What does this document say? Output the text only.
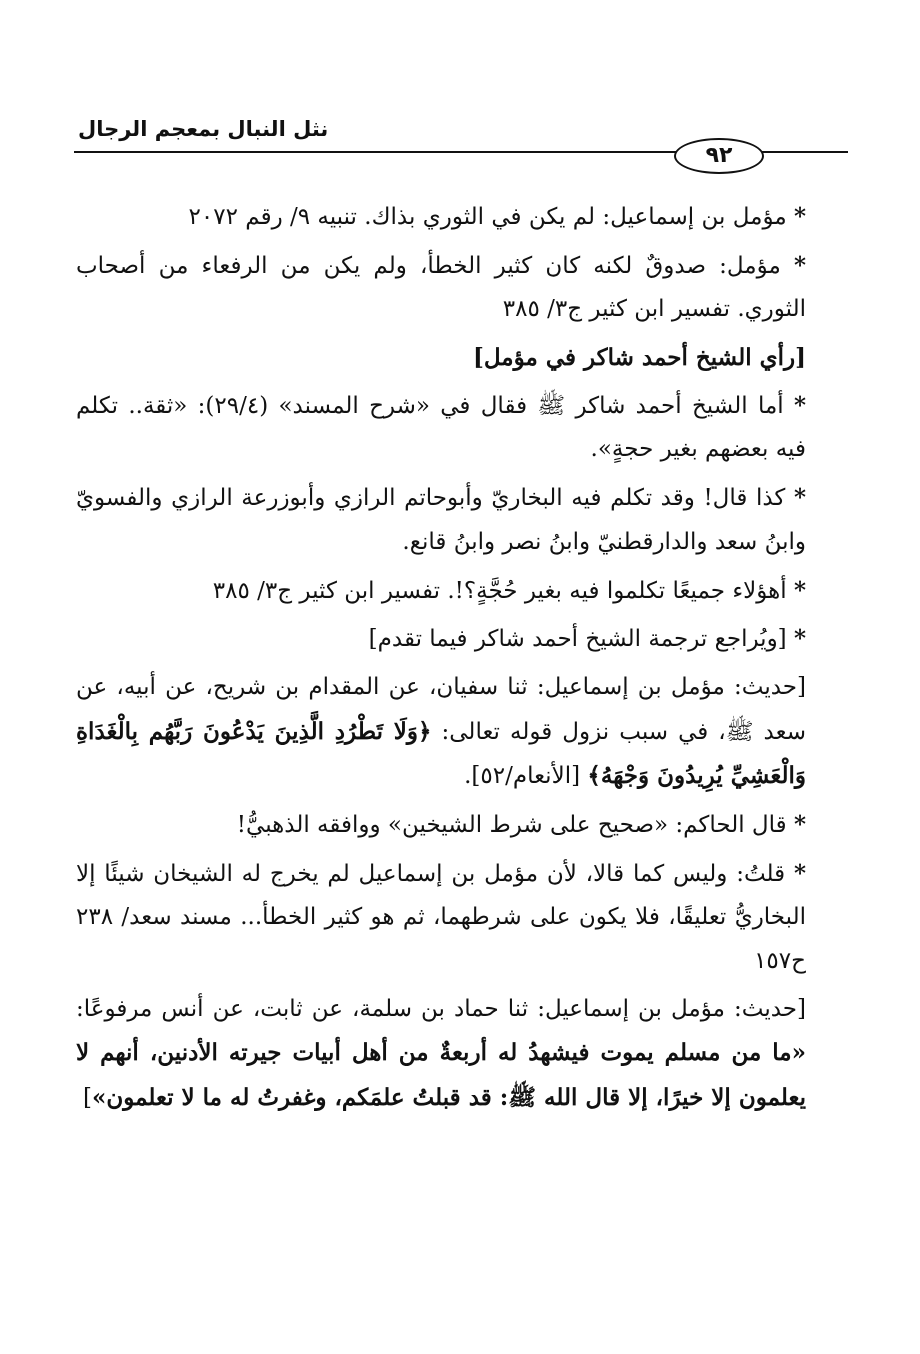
نثل النبال بمعجم الرجال
٩٢

* مؤمل بن إسماعيل: لم يكن في الثوري بذاك. تنبيه ٩/ رقم ٢٠٧٢

* مؤمل: صدوقٌ لكنه كان كثير الخطأ، ولم يكن من الرفعاء من أصحاب الثوري. تفسير ابن كثير ج٣/ ٣٨٥

[رأي الشيخ أحمد شاكر في مؤمل]

* أما الشيخ أحمد شاكر ﷺ فقال في «شرح المسند» (٢٩/٤): «ثقة.. تكلم فيه بعضهم بغير حجةٍ».

* كذا قال! وقد تكلم فيه البخاريّ وأبوحاتم الرازي وأبوزرعة الرازي والفسويّ وابنُ سعد والدارقطنيّ وابنُ نصر وابنُ قانع.

* أهؤلاء جميعًا تكلموا فيه بغير حُجَّةٍ؟!. تفسير ابن كثير ج٣/ ٣٨٥

* [ويُراجع ترجمة الشيخ أحمد شاكر فيما تقدم]

[حديث: مؤمل بن إسماعيل: ثنا سفيان، عن المقدام بن شريح، عن أبيه، عن سعد ﷺ، في سبب نزول قوله تعالى: ﴿وَلَا تَطْرُدِ الَّذِينَ يَدْعُونَ رَبَّهُم بِالْغَدَاةِ وَالْعَشِيِّ يُرِيدُونَ وَجْهَهُ﴾ [الأنعام/٥٢].

* قال الحاكم: «صحيح على شرط الشيخين» ووافقه الذهبيُّ!

* قلتُ: وليس كما قالا، لأن مؤمل بن إسماعيل لم يخرج له الشيخان شيئًا إلا البخاريُّ تعليقًا، فلا يكون على شرطهما، ثم هو كثير الخطأ... مسند سعد/ ٢٣٨ ح١٥٧

[حديث: مؤمل بن إسماعيل: ثنا حماد بن سلمة، عن ثابت، عن أنس مرفوعًا: «ما من مسلم يموت فيشهدُ له أربعةٌ من أهل أبيات جيرته الأدنين، أنهم لا يعلمون إلا خيرًا، إلا قال الله ﷺ: قد قبلتُ علمَكم، وغفرتُ له ما لا تعلمون»]
